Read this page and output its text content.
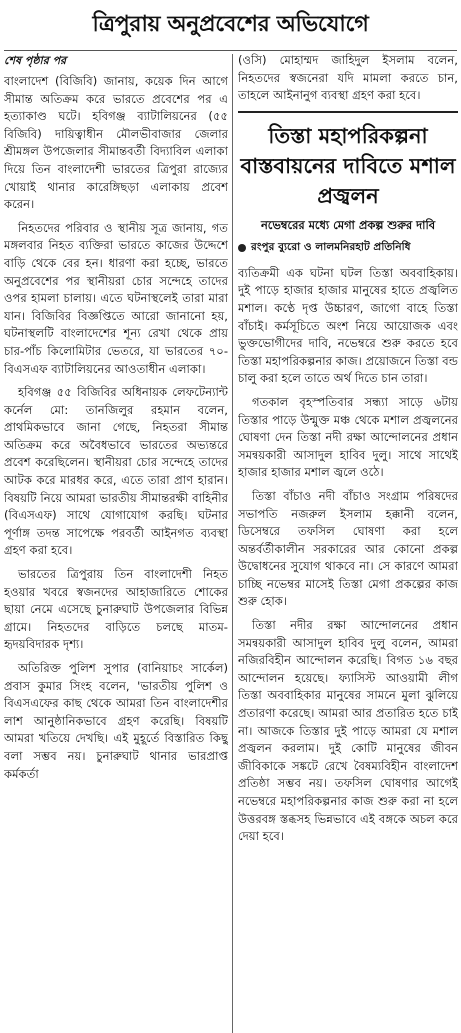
ত্রিপুরায় অনুপ্রবেশের অভিযোগে
শেষ পৃষ্ঠার পর

বাংলাদেশ (বিজিবি) জানায়, কয়েক দিন আগে সীমান্ত অতিক্রম করে ভারতে প্রবেশের পর এ হত্যাকাণ্ড ঘটে। হবিগঞ্জ ব্যাটালিয়নের (৫৫ বিজিবি) দায়িত্বাধীন মৌলভীবাজার জেলার শ্রীমঙ্গল উপজেলার সীমান্তবর্তী বিদ্যাবিল এলাকা দিয়ে তিন বাংলাদেশী ভারতের ত্রিপুরা রাজ্যের খোয়াই থানার কারেঙ্গিছড়া এলাকায় প্রবেশ করেন।

নিহতদের পরিবার ও স্থানীয় সূত্র জানায়, গত মঙ্গলবার নিহত ব্যক্তিরা ভারতে কাজের উদ্দেশে বাড়ি থেকে বের হন। ধারণা করা হচ্ছে, ভারতে অনুপ্রবেশের পর স্থানীয়রা চোর সন্দেহে তাদের ওপর হামলা চালায়। এতে ঘটনাস্থলেই তারা মারা যান। বিজিবির বিজ্ঞপ্তিতে আরো জানানো হয়, ঘটনাস্থলটি বাংলাদেশের শূন্য রেখা থেকে প্রায় চার-পাঁচ কিলোমিটার ভেতরে, যা ভারতের ৭০-বিএসএফ ব্যাটালিয়নের আওতাধীন এলাকা।

হবিগঞ্জ ৫৫ বিজিবির অধিনায়ক লেফটেন্যান্ট কর্নেল মো: তানজিলুর রহমান বলেন, প্রাথমিকভাবে জানা গেছে, নিহতরা সীমান্ত অতিক্রম করে অবৈধভাবে ভারতের অভ্যন্তরে প্রবেশ করেছিলেন। স্থানীয়রা চোর সন্দেহে তাদের আটক করে মারধর করে, এতে তারা প্রাণ হারান। বিষয়টি নিয়ে আমরা ভারতীয় সীমান্তরক্ষী বাহিনীর (বিএসএফ) সাথে যোগাযোগ করছি। ঘটনার পূর্ণাঙ্গ তদন্ত সাপেক্ষে পরবর্তী আইনগত ব্যবস্থা গ্রহণ করা হবে।

ভারতের ত্রিপুরায় তিন বাংলাদেশী নিহত হওয়ার খবরে স্বজনদের আহাজারিতে শোকের ছায়া নেমে এসেছে চুনারুঘাট উপজেলার বিভিন্ন গ্রামে। নিহতদের বাড়িতে চলছে মাতম- হৃদয়বিদারক দৃশ্য।

অতিরিক্ত পুলিশ সুপার (বানিয়াচং সার্কেল) প্রবাস কুমার সিংহ বলেন, 'ভারতীয় পুলিশ ও বিএসএফের কাছ থেকে আমরা তিন বাংলাদেশীর লাশ আনুষ্ঠানিকভাবে গ্রহণ করেছি। বিষয়টি আমরা খতিয়ে দেখছি। এই মুহূর্তে বিস্তারিত কিছু বলা সম্ভব নয়। চুনারুঘাট থানার ভারপ্রাপ্ত কর্মকর্তা

(ওসি) মোহাম্মদ জাহিদুল ইসলাম বলেন, নিহতদের স্বজনেরা যদি মামলা করতে চান, তাহলে আইনানুগ ব্যবস্থা গ্রহণ করা হবে।

তিস্তা মহাপরিকল্পনা বাস্তবায়নের দাবিতে মশাল প্রজ্বলন
নভেম্বরের মধ্যে মেগা প্রকল্প শুরুর দাবি
রংপুর ব্যুরো ও লালমনিরহাট প্রতিনিধি

ব্যতিক্রমী এক ঘটনা ঘটল তিস্তা অববাহিকায়। দুই পাড়ে হাজার হাজার মানুষের হাতে প্রজ্বলিত মশাল। কণ্ঠে দৃপ্ত উচ্চারণ, জাগো বাহে তিস্তা বাঁচাই। কর্মসূচিতে অংশ নিয়ে আয়োজক এবং ভুক্তভোগীদের দাবি, নভেম্বরে শুরু করতে হবে তিস্তা মহাপরিকল্পনার কাজ। প্রয়োজনে তিস্তা বন্ড চালু করা হলে তাতে অর্থ দিতে চান তারা।

গতকাল বৃহস্পতিবার সন্ধ্যা সাড়ে ৬টায় তিস্তার পাড়ে উন্মুক্ত মঞ্চ থেকে মশাল প্রজ্বলনের ঘোষণা দেন তিস্তা নদী রক্ষা আন্দোলনের প্রধান সমন্বয়কারী আসাদুল হাবিব দুলু। সাথে সাথেই হাজার হাজার মশাল জ্বলে ওঠে।

তিস্তা বাঁচাও নদী বাঁচাও সংগ্রাম পরিষদের সভাপতি নজরুল ইসলাম হক্কানী বলেন, ডিসেম্বরে তফসিল ঘোষণা করা হলে অন্তর্বর্তীকালীন সরকারের আর কোনো প্রকল্প উদ্বোধনের সুযোগ থাকবে না। সে কারণে আমরা চাচ্ছি নভেম্বর মাসেই তিস্তা মেগা প্রকল্পের কাজ শুরু হোক।

তিস্তা নদীর রক্ষা আন্দোলনের প্রধান সমন্বয়কারী আসাদুল হাবিব দুলু বলেন, আমরা নজিরবিহীন আন্দোলন করেছি। বিগত ১৬ বছর আন্দোলন হয়েছে। ফ্যাসিস্ট আওয়ামী লীগ তিস্তা অববাহিকার মানুষের সামনে মুলা ঝুলিয়ে প্রতারণা করেছে। আমরা আর প্রতারিত হতে চাই না। আজকে তিস্তার দুই পাড়ে আমরা যে মশাল প্রজ্বলন করলাম। দুই কোটি মানুষের জীবন জীবিকাকে সঙ্কটে রেখে বৈষম্যবিহীন বাংলাদেশ প্রতিষ্ঠা সম্ভব নয়। তফসিল ঘোষণার আগেই নভেম্বরে মহাপরিকল্পনার কাজ শুরু করা না হলে উত্তরবঙ্গ স্তব্ধসহ ভিন্নভাবে এই বঙ্গকে অচল করে দেয়া হবে।
